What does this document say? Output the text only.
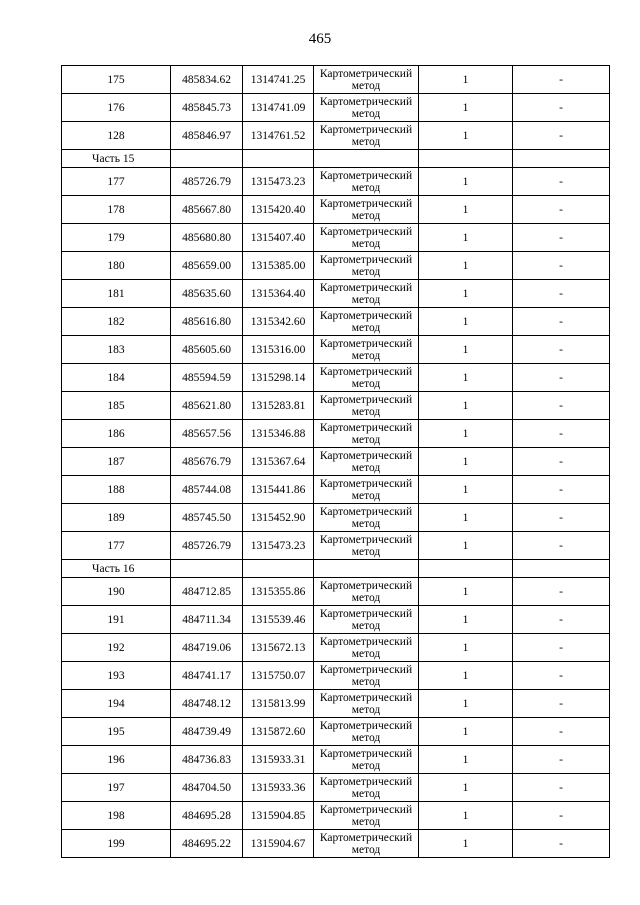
465
175	485834.62	1314741.25	Картометрический
метод	1	-
176	485845.73	1314741.09	Картометрический
метод	1	-
128	485846.97	1314761.52	Картометрический
метод	1	-
Часть 15					
177	485726.79	1315473.23	Картометрический
метод	1	-
178	485667.80	1315420.40	Картометрический
метод	1	-
179	485680.80	1315407.40	Картометрический
метод	1	-
180	485659.00	1315385.00	Картометрический
метод	1	-
181	485635.60	1315364.40	Картометрический
метод	1	-
182	485616.80	1315342.60	Картометрический
метод	1	-
183	485605.60	1315316.00	Картометрический
метод	1	-
184	485594.59	1315298.14	Картометрический
метод	1	-
185	485621.80	1315283.81	Картометрический
метод	1	-
186	485657.56	1315346.88	Картометрический
метод	1	-
187	485676.79	1315367.64	Картометрический
метод	1	-
188	485744.08	1315441.86	Картометрический
метод	1	-
189	485745.50	1315452.90	Картометрический
метод	1	-
177	485726.79	1315473.23	Картометрический
метод	1	-
Часть 16					
190	484712.85	1315355.86	Картометрический
метод	1	-
191	484711.34	1315539.46	Картометрический
метод	1	-
192	484719.06	1315672.13	Картометрический
метод	1	-
193	484741.17	1315750.07	Картометрический
метод	1	-
194	484748.12	1315813.99	Картометрический
метод	1	-
195	484739.49	1315872.60	Картометрический
метод	1	-
196	484736.83	1315933.31	Картометрический
метод	1	-
197	484704.50	1315933.36	Картометрический
метод	1	-
198	484695.28	1315904.85	Картометрический
метод	1	-
199	484695.22	1315904.67	Картометрический
метод	1	-
